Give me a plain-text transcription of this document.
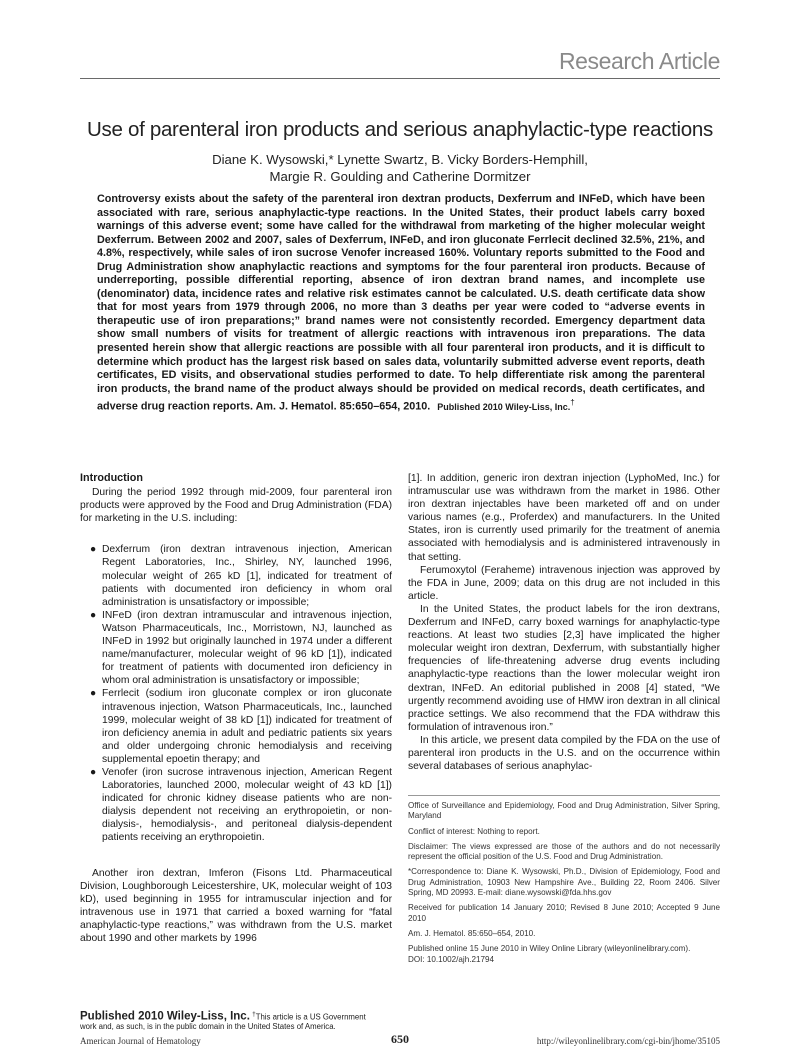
Research Article
Use of parenteral iron products and serious anaphylactic-type reactions
Diane K. Wysowski,* Lynette Swartz, B. Vicky Borders-Hemphill,
Margie R. Goulding and Catherine Dormitzer
Controversy exists about the safety of the parenteral iron dextran products, Dexferrum and INFeD, which have been associated with rare, serious anaphylactic-type reactions. In the United States, their product labels carry boxed warnings of this adverse event; some have called for the withdrawal from marketing of the higher molecular weight Dexferrum. Between 2002 and 2007, sales of Dexferrum, INFeD, and iron gluconate Ferrlecit declined 32.5%, 21%, and 4.8%, respectively, while sales of iron sucrose Venofer increased 160%. Voluntary reports submitted to the Food and Drug Administration show anaphylactic reactions and symptoms for the four parenteral iron products. Because of underreporting, possible differential reporting, absence of iron dextran brand names, and incomplete use (denominator) data, incidence rates and relative risk estimates cannot be calculated. U.S. death certificate data show that for most years from 1979 through 2006, no more than 3 deaths per year were coded to “adverse events in therapeutic use of iron preparations;” brand names were not consistently recorded. Emergency department data show small numbers of visits for treatment of allergic reactions with intravenous iron preparations. The data presented herein show that allergic reactions are possible with all four parenteral iron products, and it is difficult to determine which product has the largest risk based on sales data, voluntarily submitted adverse event reports, death certificates, ED visits, and observational studies performed to date. To help differentiate risk among the parenteral iron products, the brand name of the product always should be provided on medical records, death certificates, and adverse drug reaction reports. Am. J. Hematol. 85:650–654, 2010. Published 2010 Wiley-Liss, Inc.†
Introduction

During the period 1992 through mid-2009, four parenteral iron products were approved by the Food and Drug Administration (FDA) for marketing in the U.S. including:

● Dexferrum (iron dextran intravenous injection, American Regent Laboratories, Inc., Shirley, NY, launched 1996, molecular weight of 265 kD [1], indicated for treatment of patients with documented iron deficiency in whom oral administration is unsatisfactory or impossible;
● INFeD (iron dextran intramuscular and intravenous injection, Watson Pharmaceuticals, Inc., Morristown, NJ, launched as INFeD in 1992 but originally launched in 1974 under a different name/manufacturer, molecular weight of 96 kD [1]), indicated for treatment of patients with documented iron deficiency in whom oral administration is unsatisfactory or impossible;
● Ferrlecit (sodium iron gluconate complex or iron gluconate intravenous injection, Watson Pharmaceuticals, Inc., launched 1999, molecular weight of 38 kD [1]) indicated for treatment of iron deficiency anemia in adult and pediatric patients six years and older undergoing chronic hemodialysis and receiving supplemental epoetin therapy; and
● Venofer (iron sucrose intravenous injection, American Regent Laboratories, launched 2000, molecular weight of 43 kD [1]) indicated for chronic kidney disease patients who are non-dialysis dependent not receiving an erythropoietin, or non-dialysis-, hemodialysis-, and peritoneal dialysis-dependent patients receiving an erythropoietin.

Another iron dextran, Imferon (Fisons Ltd. Pharmaceutical Division, Loughborough Leicestershire, UK, molecular weight of 103 kD), used beginning in 1955 for intramuscular injection and for intravenous use in 1971 that carried a boxed warning for “fatal anaphylactic-type reactions,” was withdrawn from the U.S. market about 1990 and other markets by 1996

[1]. In addition, generic iron dextran injection (LyphoMed, Inc.) for intramuscular use was withdrawn from the market in 1986. Other iron dextran injectables have been marketed off and on under various names (e.g., Proferdex) and manufacturers. In the United States, iron is currently used primarily for the treatment of anemia associated with hemodialysis and is administered intravenously in that setting.

Ferumoxytol (Feraheme) intravenous injection was approved by the FDA in June, 2009; data on this drug are not included in this article.

In the United States, the product labels for the iron dextrans, Dexferrum and INFeD, carry boxed warnings for anaphylactic-type reactions. At least two studies [2,3] have implicated the higher molecular weight iron dextran, Dexferrum, with substantially higher frequencies of life-threatening adverse drug events including anaphylactic-type reactions than the lower molecular weight iron dextran, INFeD. An editorial published in 2008 [4] stated, “We urgently recommend avoiding use of HMW iron dextran in all clinical practice settings. We also recommend that the FDA withdraw this formulation of intravenous iron.”

In this article, we present data compiled by the FDA on the use of parenteral iron products in the U.S. and on the occurrence within several databases of serious anaphylac-

Office of Surveillance and Epidemiology, Food and Drug Administration, Silver Spring, Maryland

Conflict of interest: Nothing to report.

Disclaimer: The views expressed are those of the authors and do not necessarily represent the official position of the U.S. Food and Drug Administration.

*Correspondence to: Diane K. Wysowski, Ph.D., Division of Epidemiology, Food and Drug Administration, 10903 New Hampshire Ave., Building 22, Room 2406. Silver Spring, MD 20993. E-mail: diane.wysowski@fda.hhs.gov

Received for publication 14 January 2010; Revised 8 June 2010; Accepted 9 June 2010

Am. J. Hematol. 85:650–654, 2010.

Published online 15 June 2010 in Wiley Online Library (wileyonlinelibrary.com).
DOI: 10.1002/ajh.21794

Published 2010 Wiley-Liss, Inc. †This article is a US Government
work and, as such, is in the public domain in the United States of America.
American Journal of Hematology	650	http://wileyonlinelibrary.com/cgi-bin/jhome/35105
